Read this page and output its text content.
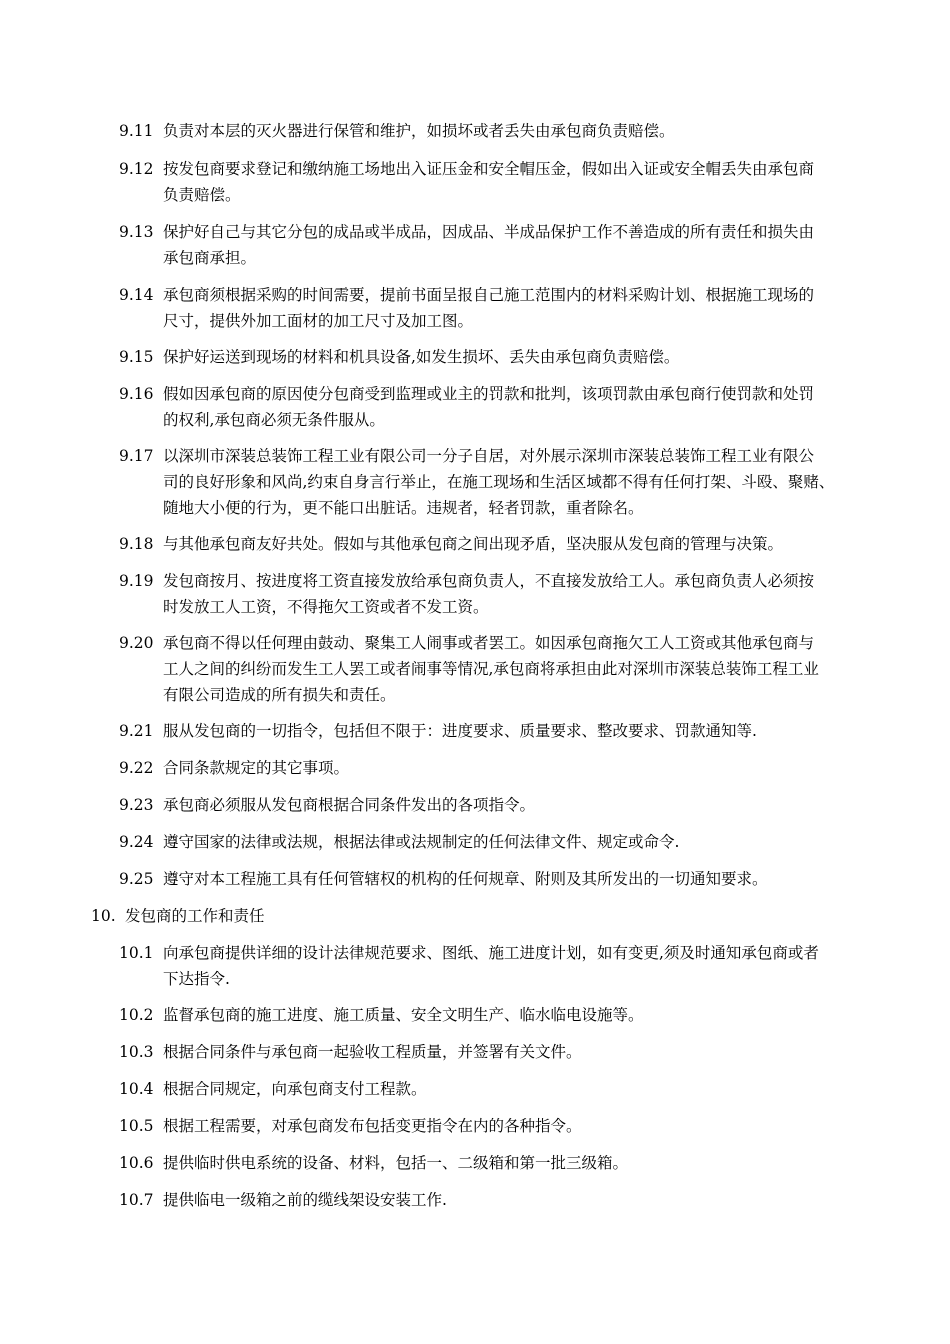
9.11 负责对本层的灭火器进行保管和维护，如损坏或者丢失由承包商负责赔偿。
9.12 按发包商要求登记和缴纳施工场地出入证压金和安全帽压金，假如出入证或安全帽丢失由承包商
负责赔偿。
9.13 保护好自己与其它分包的成品或半成品，因成品、半成品保护工作不善造成的所有责任和损失由
承包商承担。
9.14 承包商须根据采购的时间需要，提前书面呈报自己施工范围内的材料采购计划、根据施工现场的
尺寸，提供外加工面材的加工尺寸及加工图。
9.15 保护好运送到现场的材料和机具设备,如发生损坏、丢失由承包商负责赔偿。
9.16 假如因承包商的原因使分包商受到监理或业主的罚款和批判，该项罚款由承包商行使罚款和处罚
的权利,承包商必须无条件服从。
9.17 以深圳市深装总装饰工程工业有限公司一分子自居，对外展示深圳市深装总装饰工程工业有限公
司的良好形象和风尚,约束自身言行举止，在施工现场和生活区域都不得有任何打架、斗殴、聚赌、
随地大小便的行为，更不能口出脏话。违规者，轻者罚款，重者除名。
9.18 与其他承包商友好共处。假如与其他承包商之间出现矛盾，坚决服从发包商的管理与决策。
9.19 发包商按月、按进度将工资直接发放给承包商负责人，不直接发放给工人。承包商负责人必须按
时发放工人工资，不得拖欠工资或者不发工资。
9.20 承包商不得以任何理由鼓动、聚集工人闹事或者罢工。如因承包商拖欠工人工资或其他承包商与
工人之间的纠纷而发生工人罢工或者闹事等情况,承包商将承担由此对深圳市深装总装饰工程工业
有限公司造成的所有损失和责任。
9.21 服从发包商的一切指令，包括但不限于：进度要求、质量要求、整改要求、罚款通知等.
9.22 合同条款规定的其它事项。
9.23 承包商必须服从发包商根据合同条件发出的各项指令。
9.24 遵守国家的法律或法规，根据法律或法规制定的任何法律文件、规定或命令.
9.25 遵守对本工程施工具有任何管辖权的机构的任何规章、附则及其所发出的一切通知要求。
10. 发包商的工作和责任
10.1 向承包商提供详细的设计法律规范要求、图纸、施工进度计划，如有变更,须及时通知承包商或者
下达指令.
10.2 监督承包商的施工进度、施工质量、安全文明生产、临水临电设施等。
10.3 根据合同条件与承包商一起验收工程质量，并签署有关文件。
10.4 根据合同规定，向承包商支付工程款。
10.5 根据工程需要，对承包商发布包括变更指令在内的各种指令。
10.6 提供临时供电系统的设备、材料，包括一、二级箱和第一批三级箱。
10.7 提供临电一级箱之前的缆线架设安装工作.
